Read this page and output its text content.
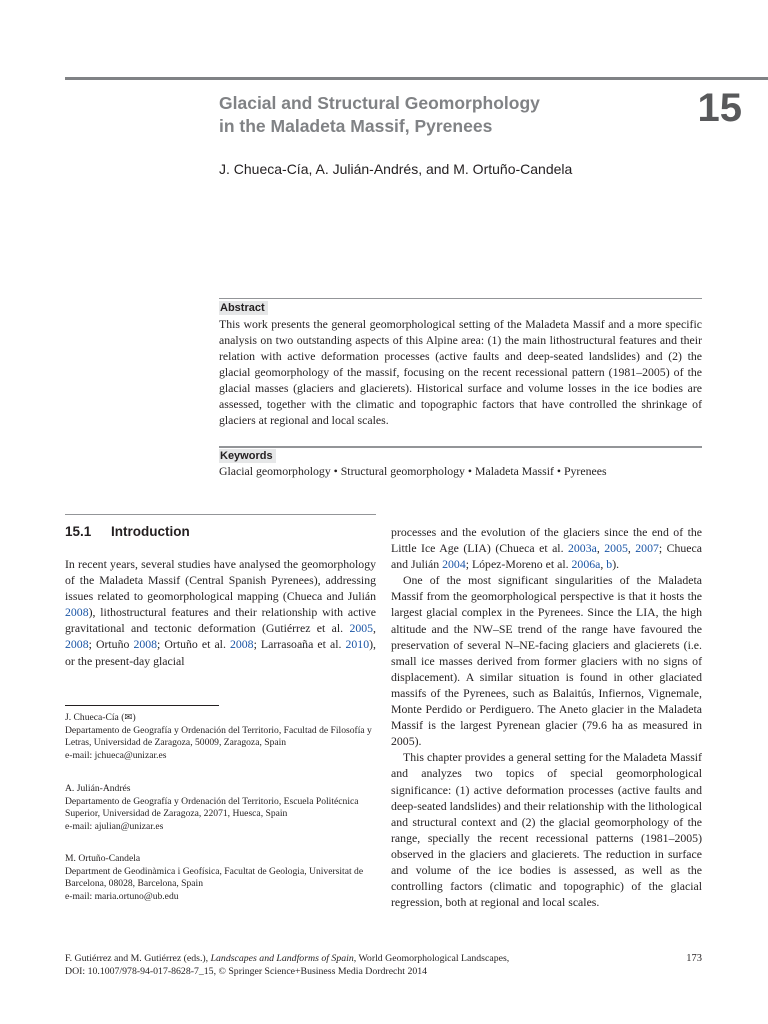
Glacial and Structural Geomorphology
in the Maladeta Massif, Pyrenees	15
J. Chueca-Cía, A. Julián-Andrés, and M. Ortuño-Candela
Abstract
This work presents the general geomorphological setting of the Maladeta Massif and a more specific analysis on two outstanding aspects of this Alpine area: (1) the main lithostructural features and their relation with active deformation processes (active faults and deep-seated landslides) and (2) the glacial geomorphology of the massif, focusing on the recent recessional pattern (1981–2005) of the glacial masses (glaciers and glacierets). Historical surface and volume losses in the ice bodies are assessed, together with the climatic and topographic factors that have controlled the shrinkage of glaciers at regional and local scales.
Keywords
Glacial geomorphology • Structural geomorphology • Maladeta Massif • Pyrenees
15.1 Introduction

In recent years, several studies have analysed the geomorphology of the Maladeta Massif (Central Spanish Pyrenees), addressing issues related to geomorphological mapping (Chueca and Julián 2008), lithostructural features and their relationship with active gravitational and tectonic deformation (Gutiérrez et al. 2005, 2008; Ortuño 2008; Ortuño et al. 2008; Larrasoaña et al. 2010), or the present-day glacial

processes and the evolution of the glaciers since the end of the Little Ice Age (LIA) (Chueca et al. 2003a, 2005, 2007; Chueca and Julián 2004; López-Moreno et al. 2006a, b).

One of the most significant singularities of the Maladeta Massif from the geomorphological perspective is that it hosts the largest glacial complex in the Pyrenees. Since the LIA, the high altitude and the NW–SE trend of the range have favoured the preservation of several N–NE-facing glaciers and glacierets (i.e. small ice masses derived from former glaciers with no signs of displacement). A similar situation is found in other glaciated massifs of the Pyrenees, such as Balaitús, Infiernos, Vignemale, Monte Perdido or Perdiguero. The Aneto glacier in the Maladeta Massif is the largest Pyrenean glacier (79.6 ha as measured in 2005).

This chapter provides a general setting for the Maladeta Massif and analyzes two topics of special geomorphological significance: (1) active deformation processes (active faults and deep-seated landslides) and their relationship with the lithological and structural context and (2) the glacial geomorphology of the range, specially the recent recessional patterns (1981–2005) observed in the glaciers and glacierets. The reduction in surface and volume of the ice bodies is assessed, as well as the controlling factors (climatic and topographic) of the glacial regression, both at regional and local scales.

J. Chueca-Cía (✉)
Departamento de Geografía y Ordenación del Territorio, Facultad de Filosofía y Letras, Universidad de Zaragoza, 50009, Zaragoza, Spain
e-mail: jchueca@unizar.es
A. Julián-Andrés
Departamento de Geografía y Ordenación del Territorio, Escuela Politécnica Superior, Universidad de Zaragoza, 22071, Huesca, Spain
e-mail: ajulian@unizar.es
M. Ortuño-Candela
Department de Geodinàmica i Geofísica, Facultat de Geologia, Universitat de Barcelona, 08028, Barcelona, Spain
e-mail: maria.ortuno@ub.edu
F. Gutiérrez and M. Gutiérrez (eds.), Landscapes and Landforms of Spain, World Geomorphological Landscapes,
DOI: 10.1007/978-94-017-8628-7_15, © Springer Science+Business Media Dordrecht 2014
173
